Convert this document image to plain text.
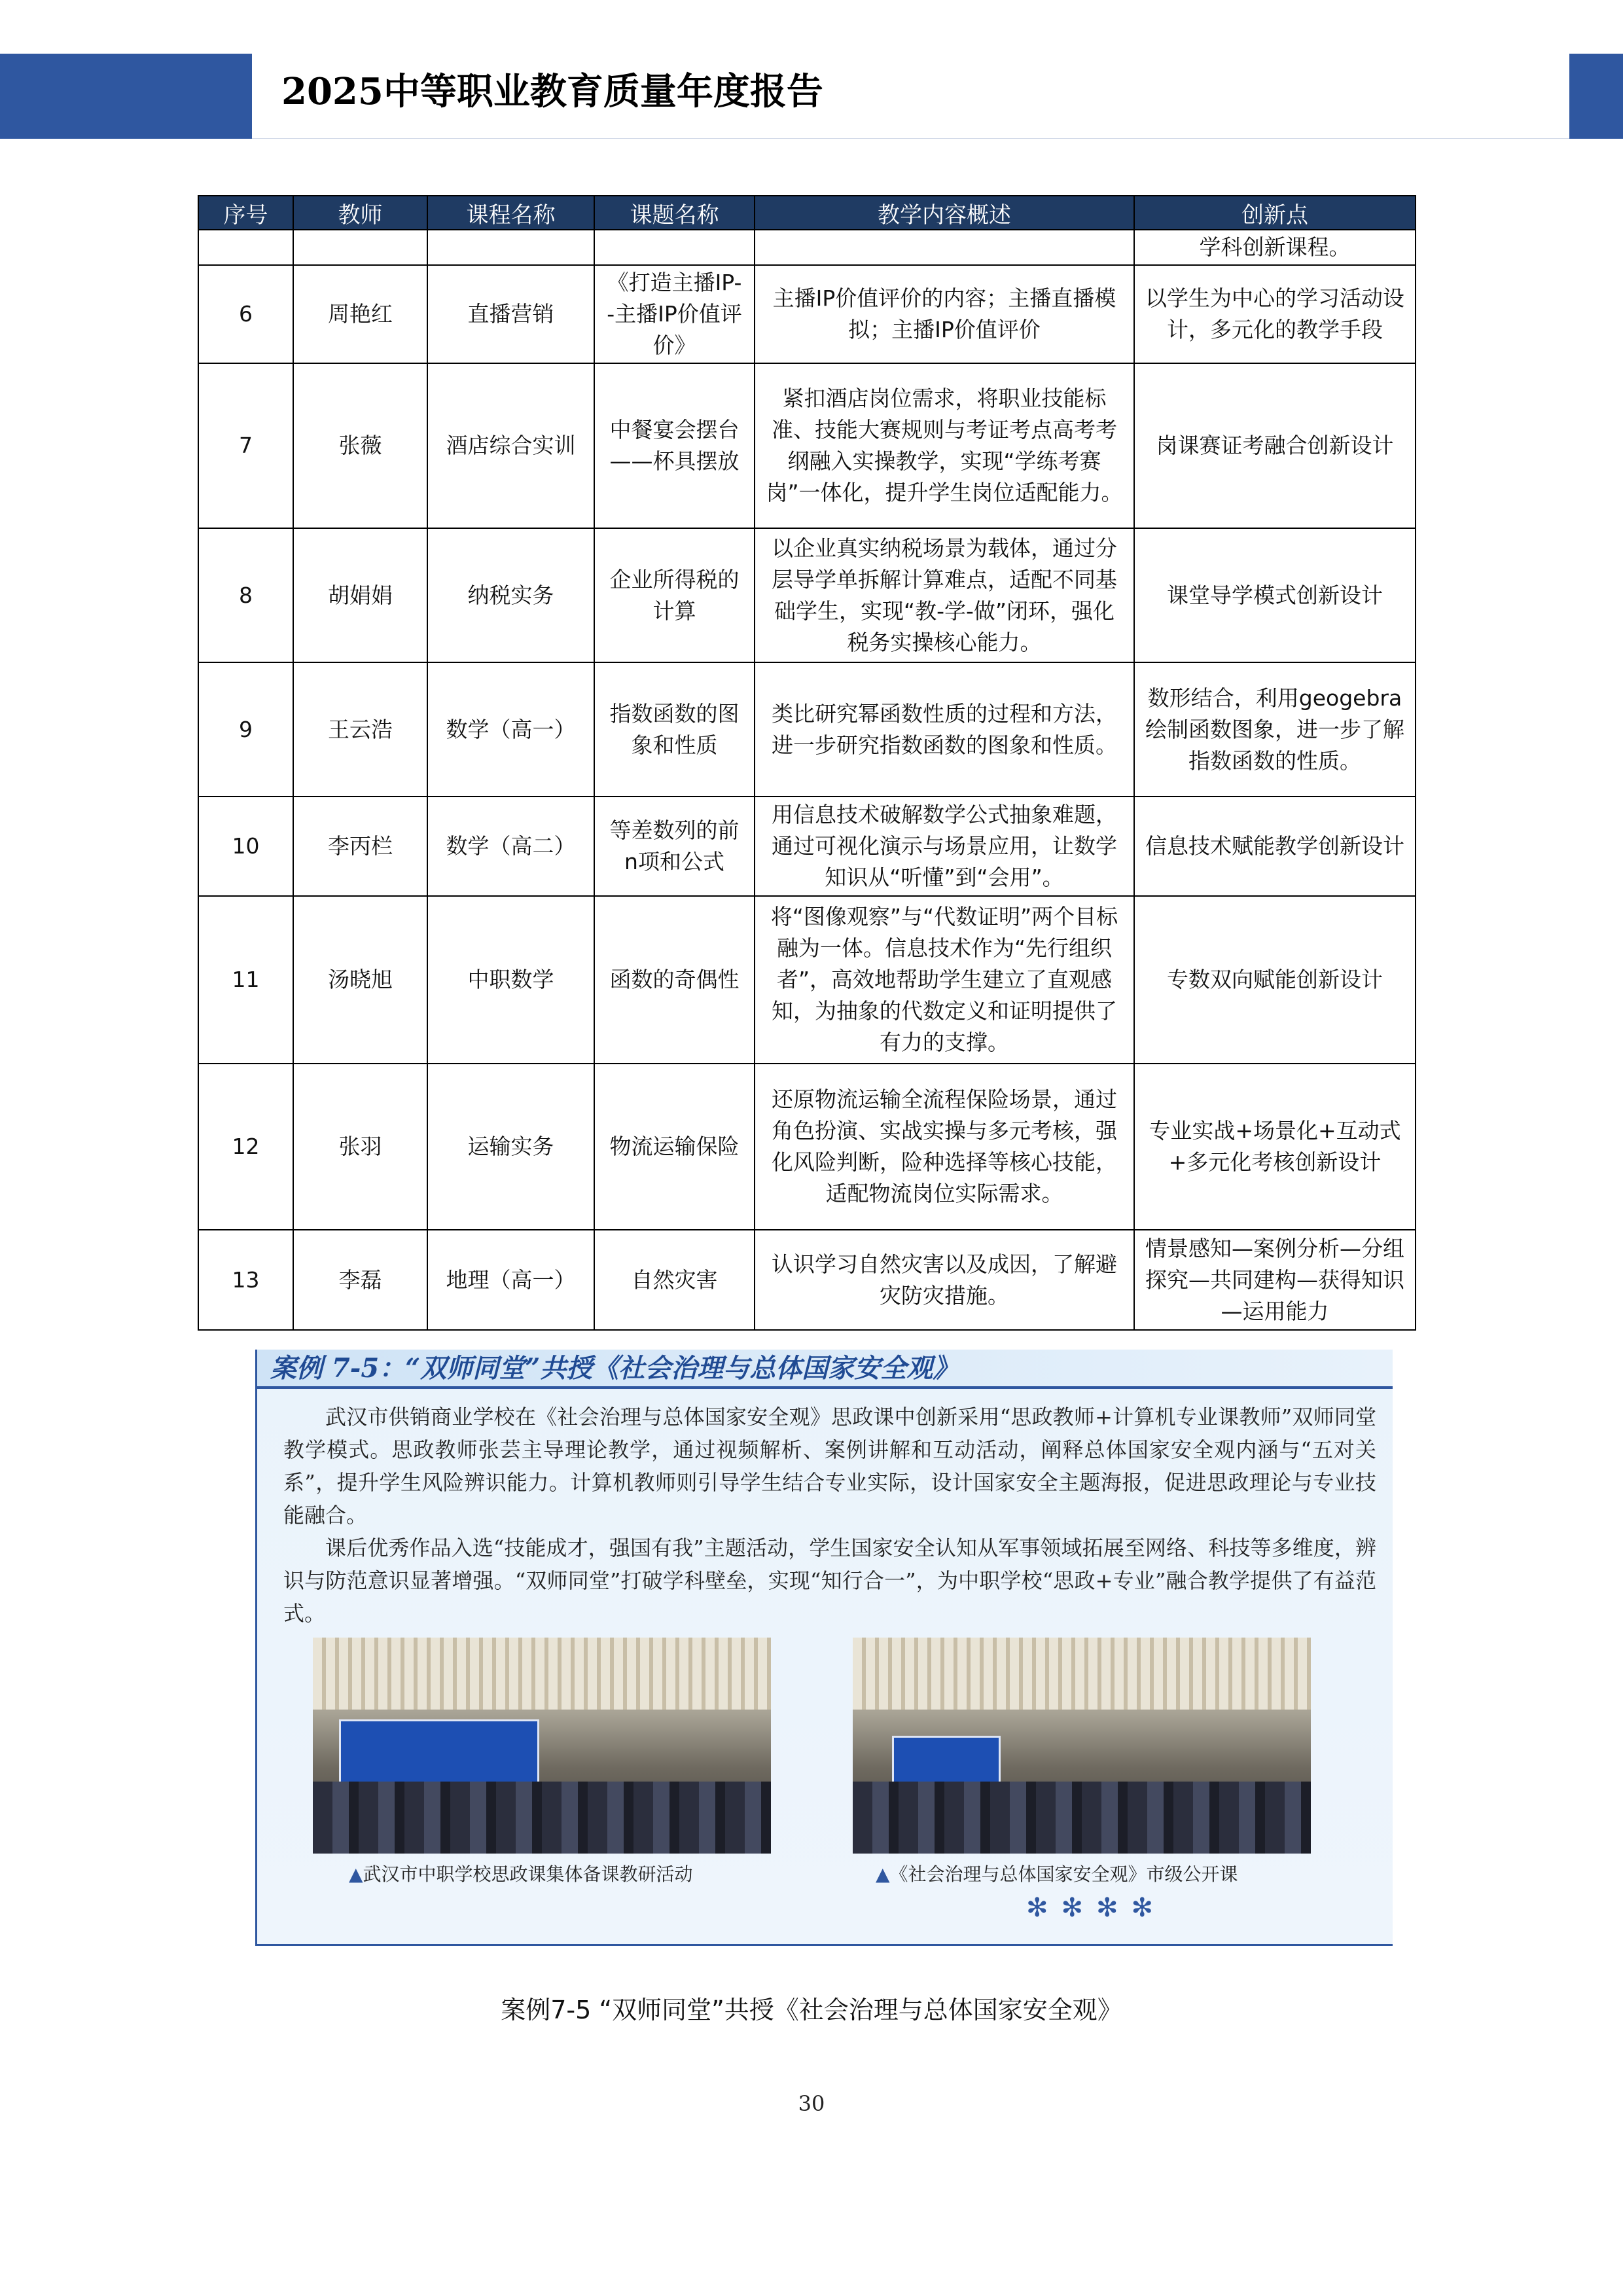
2025中等职业教育质量年度报告
序号	教师	课程名称	课题名称	教学内容概述	创新点
					学科创新课程。
6	周艳红	直播营销	《打造主播IP--主播IP价值评价》	主播IP价值评价的内容；主播直播模拟；主播IP价值评价	以学生为中心的学习活动设计，多元化的教学手段
7	张薇	酒店综合实训	中餐宴会摆台——杯具摆放	紧扣酒店岗位需求，将职业技能标准、技能大赛规则与考证考点高考考纲融入实操教学，实现“学练考赛岗”一体化，提升学生岗位适配能力。	岗课赛证考融合创新设计
8	胡娟娟	纳税实务	企业所得税的计算	以企业真实纳税场景为载体，通过分层导学单拆解计算难点，适配不同基础学生，实现“教-学-做”闭环，强化税务实操核心能力。	课堂导学模式创新设计
9	王云浩	数学（高一）	指数函数的图象和性质	类比研究幂函数性质的过程和方法，进一步研究指数函数的图象和性质。	数形结合，利用geogebra绘制函数图象，进一步了解指数函数的性质。
10	李丙栏	数学（高二）	等差数列的前n项和公式	用信息技术破解数学公式抽象难题，通过可视化演示与场景应用，让数学知识从“听懂”到“会用”。	信息技术赋能教学创新设计
11	汤晓旭	中职数学	函数的奇偶性	将“图像观察”与“代数证明”两个目标融为一体。信息技术作为“先行组织者”，高效地帮助学生建立了直观感知，为抽象的代数定义和证明提供了有力的支撑。	专数双向赋能创新设计
12	张羽	运输实务	物流运输保险	还原物流运输全流程保险场景，通过角色扮演、实战实操与多元考核，强化风险判断，险种选择等核心技能，适配物流岗位实际需求。	专业实战+场景化+互动式+多元化考核创新设计
13	李磊	地理（高一）	自然灾害	认识学习自然灾害以及成因，了解避灾防灾措施。	情景感知—案例分析—分组探究—共同建构—获得知识—运用能力
案例 7-5：“双师同堂”共授《社会治理与总体国家安全观》

武汉市供销商业学校在《社会治理与总体国家安全观》思政课中创新采用“思政教师+计算机专业课教师”双师同堂教学模式。思政教师张芸主导理论教学，通过视频解析、案例讲解和互动活动，阐释总体国家安全观内涵与“五对关系”，提升学生风险辨识能力。计算机教师则引导学生结合专业实际，设计国家安全主题海报，促进思政理论与专业技能融合。

课后优秀作品入选“技能成才，强国有我”主题活动，学生国家安全认知从军事领域拓展至网络、科技等多维度，辨识与防范意识显著增强。“双师同堂”打破学科壁垒，实现“知行合一”，为中职学校“思政+专业”融合教学提供了有益范式。

▲武汉市中职学校思政课集体备课教研活动	▲《社会治理与总体国家安全观》市级公开课
✻✻✻✻
案例7-5 “双师同堂”共授《社会治理与总体国家安全观》
30
